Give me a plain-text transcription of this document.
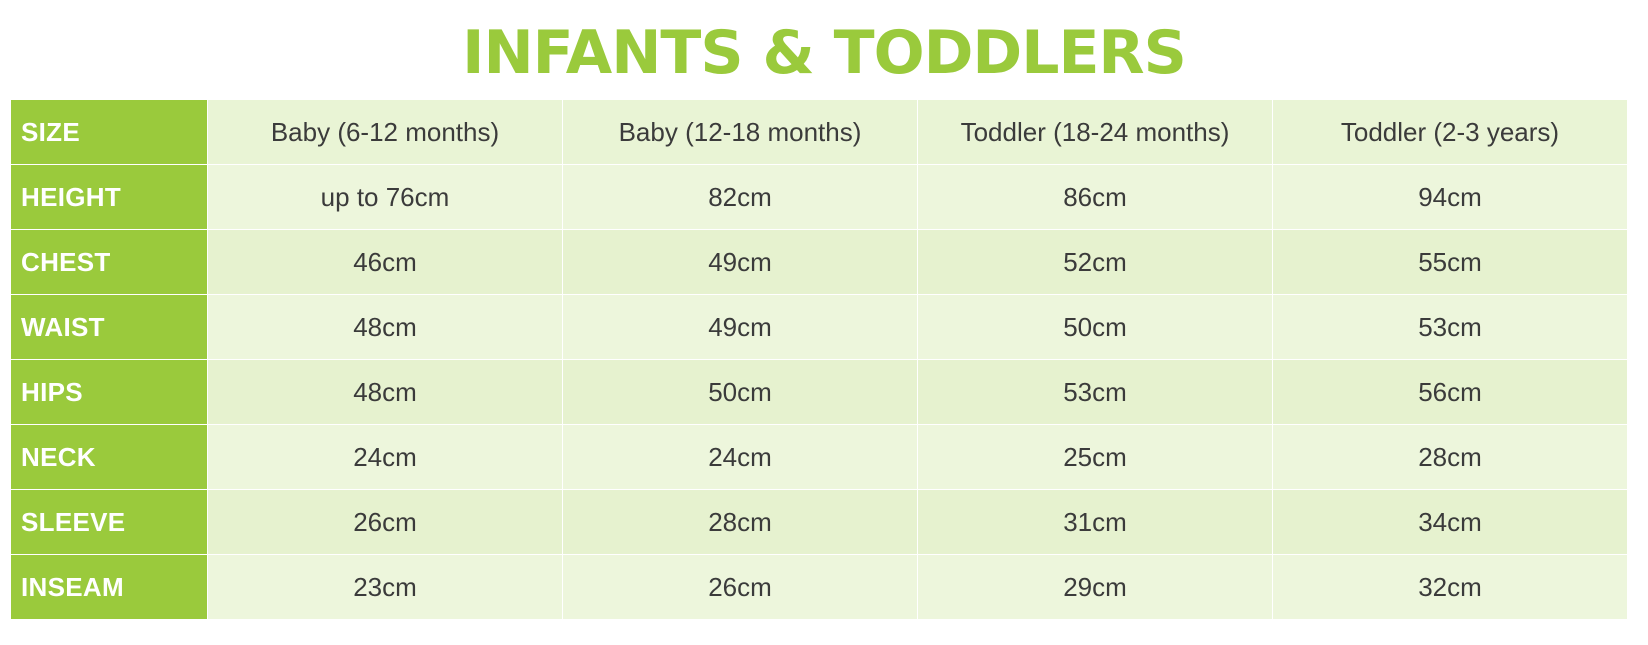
INFANTS & TODDLERS
SIZE	Baby (6-12 months)	Baby (12-18 months)	Toddler (18-24 months)	Toddler (2-3 years)
HEIGHT	up to 76cm	82cm	86cm	94cm
CHEST	46cm	49cm	52cm	55cm
WAIST	48cm	49cm	50cm	53cm
HIPS	48cm	50cm	53cm	56cm
NECK	24cm	24cm	25cm	28cm
SLEEVE	26cm	28cm	31cm	34cm
INSEAM	23cm	26cm	29cm	32cm
